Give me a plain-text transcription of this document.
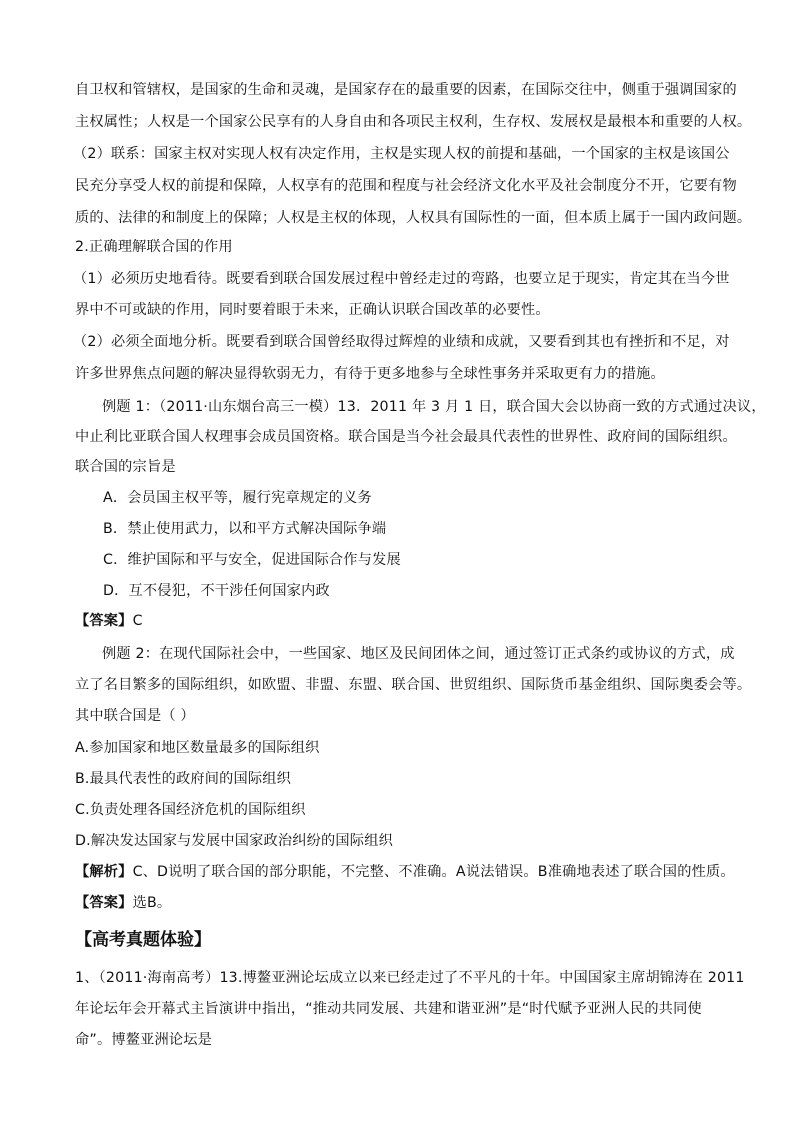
自卫权和管辖权，是国家的生命和灵魂，是国家存在的最重要的因素，在国际交往中，侧重于强调国家的
主权属性；人权是一个国家公民享有的人身自由和各项民主权利，生存权、发展权是最根本和重要的人权。
（2）联系：国家主权对实现人权有决定作用，主权是实现人权的前提和基础，一个国家的主权是该国公
民充分享受人权的前提和保障，人权享有的范围和程度与社会经济文化水平及社会制度分不开，它要有物
质的、法律的和制度上的保障；人权是主权的体现，人权具有国际性的一面，但本质上属于一国内政问题。
2.正确理解联合国的作用
（1）必须历史地看待。既要看到联合国发展过程中曾经走过的弯路，也要立足于现实，肯定其在当今世
界中不可或缺的作用，同时要着眼于未来，正确认识联合国改革的必要性。
（2）必须全面地分析。既要看到联合国曾经取得过辉煌的业绩和成就，又要看到其也有挫折和不足，对
许多世界焦点问题的解决显得软弱无力，有待于更多地参与全球性事务并采取更有力的措施。
例题 1：（2011·山东烟台高三一模）13．2011 年 3 月 1 日，联合国大会以协商一致的方式通过决议，
中止利比亚联合国人权理事会成员国资格。联合国是当今社会最具代表性的世界性、政府间的国际组织。
联合国的宗旨是
A．会员国主权平等，履行宪章规定的义务
B．禁止使用武力，以和平方式解决国际争端
C．维护国际和平与安全，促进国际合作与发展
D．互不侵犯，不干涉任何国家内政
【答案】C
例题 2：在现代国际社会中，一些国家、地区及民间团体之间，通过签订正式条约或协议的方式，成
立了名目繁多的国际组织，如欧盟、非盟、东盟、联合国、世贸组织、国际货币基金组织、国际奥委会等。
其中联合国是（ ）
A.参加国家和地区数量最多的国际组织
B.最具代表性的政府间的国际组织
C.负责处理各国经济危机的国际组织
D.解决发达国家与发展中国家政治纠纷的国际组织
【解析】C、D说明了联合国的部分职能，不完整、不准确。A说法错误。B准确地表述了联合国的性质。
【答案】选B。
【高考真题体验】
1、（2011·海南高考）13.博鳌亚洲论坛成立以来已经走过了不平凡的十年。中国国家主席胡锦涛在 2011
年论坛年会开幕式主旨演讲中指出，“推动共同发展、共建和谐亚洲”是“时代赋予亚洲人民的共同使
命”。博鳌亚洲论坛是
